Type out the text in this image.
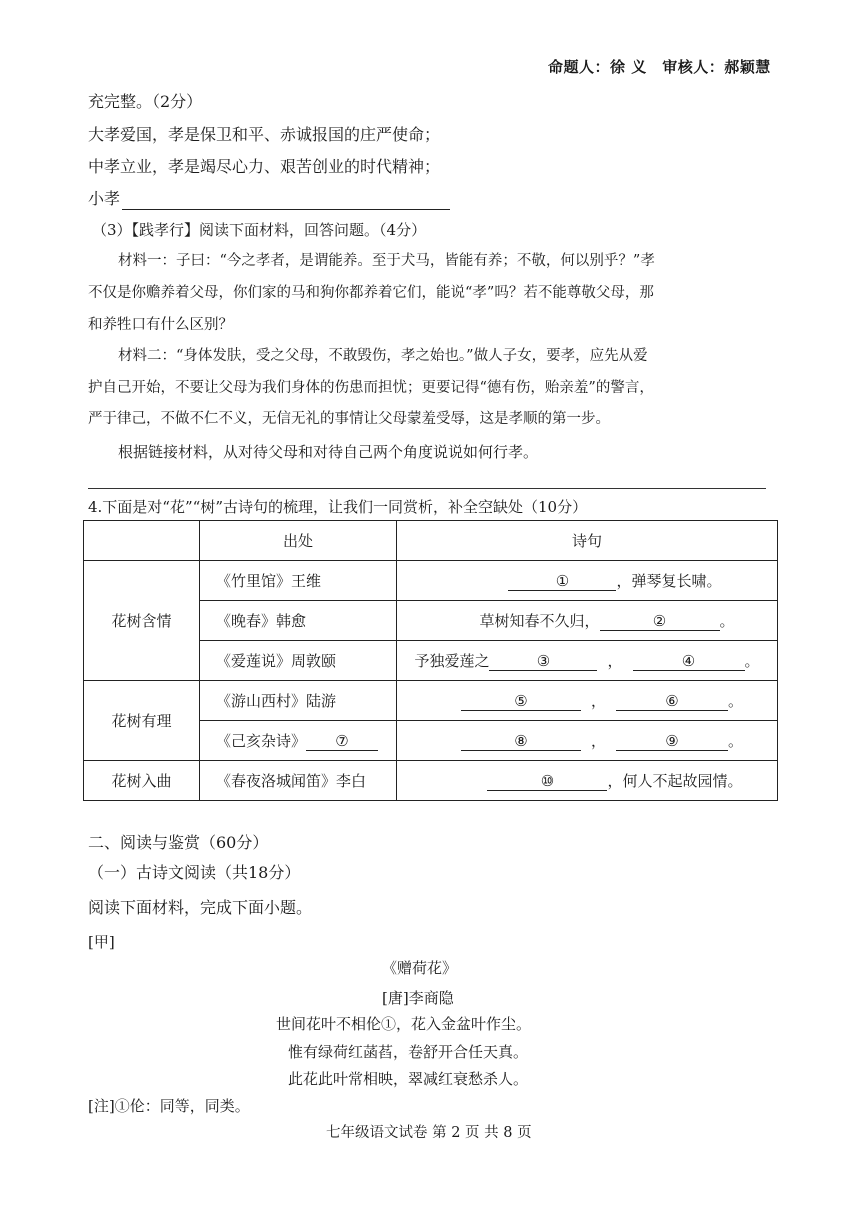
命题人：徐 义　审核人：郝颖慧
充完整。（2分）
大孝爱国，孝是保卫和平、赤诚报国的庄严使命；
中孝立业，孝是竭尽心力、艰苦创业的时代精神；
小孝
（3）【践孝行】阅读下面材料，回答问题。（4分）
材料一：子曰：“今之孝者，是谓能养。至于犬马，皆能有养；不敬，何以别乎？”孝
不仅是你赡养着父母，你们家的马和狗你都养着它们，能说“孝”吗？若不能尊敬父母，那
和养牲口有什么区别？
材料二：“身体发肤，受之父母，不敢毁伤，孝之始也。”做人子女，要孝，应先从爱
护自己开始，不要让父母为我们身体的伤患而担忧；更要记得“德有伤，贻亲羞”的警言，
严于律己，不做不仁不义，无信无礼的事情让父母蒙羞受辱，这是孝顺的第一步。
根据链接材料，从对待父母和对待自己两个角度说说如何行孝。
4.下面是对“花”“树”古诗句的梳理，让我们一同赏析，补全空缺处（10分）
	出处	诗句
花树含情	《竹里馆》王维	① ，弹琴复长啸。
	《晚春》韩愈	草树知春不久归， ② 。
	《爱莲说》周敦颐	予独爱莲之 ③ ， ④ 。
花树有理	《游山西村》陆游	⑤ ， ⑥ 。
	《己亥杂诗》 ⑦	⑧ ， ⑨ 。
花树入曲	《春夜洛城闻笛》李白	⑩ ，何人不起故园情。
二、阅读与鉴赏（60分）
（一）古诗文阅读（共18分）
阅读下面材料，完成下面小题。
[甲]
《赠荷花》
[唐]李商隐
世间花叶不相伦①，花入金盆叶作尘。
惟有绿荷红菡萏，卷舒开合任天真。
此花此叶常相映，翠减红衰愁杀人。
[注]①伦：同等，同类。
七年级语文试卷 第 2 页 共 8 页
